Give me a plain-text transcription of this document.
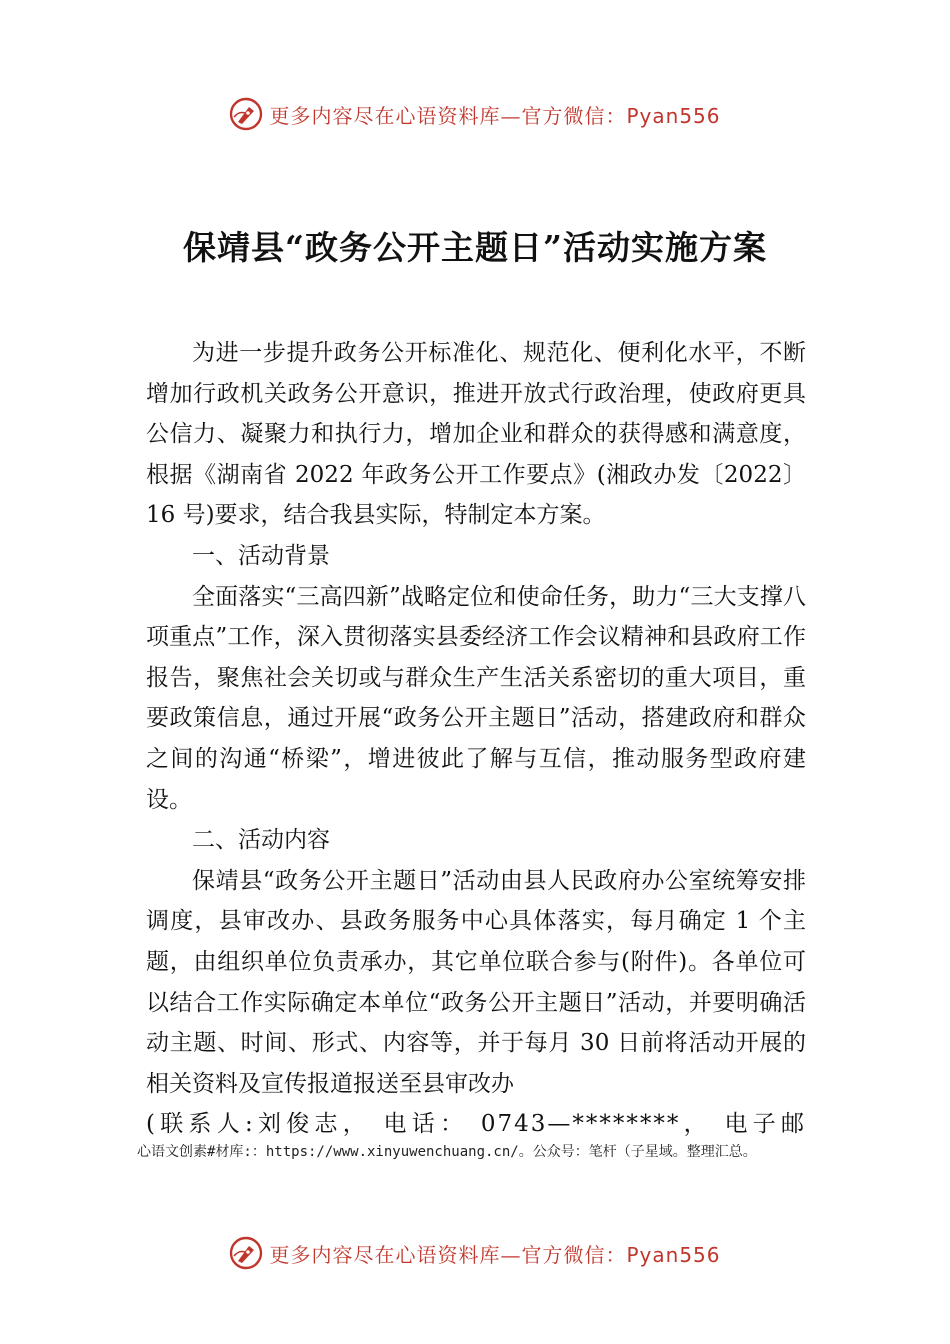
更多内容尽在心语资料库—官方微信：Pyan556
保靖县“政务公开主题日”活动实施方案

为进一步提升政务公开标准化、规范化、便利化水平，不断增加行政机关政务公开意识，推进开放式行政治理，使政府更具公信力、凝聚力和执行力，增加企业和群众的获得感和满意度，根据《湖南省 2022 年政务公开工作要点》(湘政办发〔2022〕16 号)要求，结合我县实际，特制定本方案。

一、活动背景

全面落实“三高四新”战略定位和使命任务，助力“三大支撑八项重点”工作，深入贯彻落实县委经济工作会议精神和县政府工作报告，聚焦社会关切或与群众生产生活关系密切的重大项目，重要政策信息，通过开展“政务公开主题日”活动，搭建政府和群众之间的沟通“桥梁”，增进彼此了解与互信，推动服务型政府建设。

二、活动内容

保靖县“政务公开主题日”活动由县人民政府办公室统筹安排调度，县审改办、县政务服务中心具体落实，每月确定 1 个主题，由组织单位负责承办，其它单位联合参与(附件)。各单位可以结合工作实际确定本单位“政务公开主题日”活动，并要明确活动主题、时间、形式、内容等，并于每月 30 日前将活动开展的相关资料及宣传报道报送至县审改办

(联系人:刘俊志， 电话： 0743—********， 电子邮

心语文创素#材库:：https://www.xinyuwenchuang.cn/。公众号：笔杆（子星域。整理汇总。
更多内容尽在心语资料库—官方微信：Pyan556
